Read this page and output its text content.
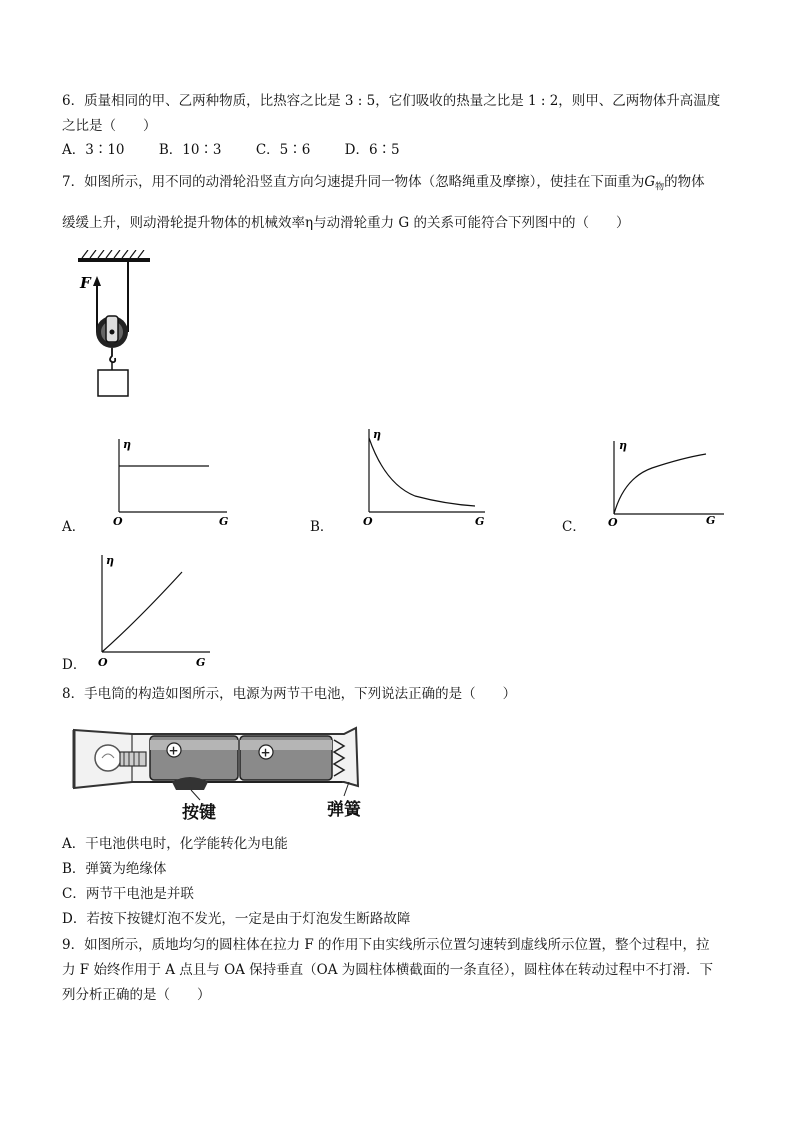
6．质量相同的甲、乙两种物质，比热容之比是 3 : 5，它们吸收的热量之比是 1 : 2，则甲、乙两物体升高温度
之比是（　　）
A．3∶10	B．10∶3	C．5∶6	D．6∶5
7．如图所示，用不同的动滑轮沿竖直方向匀速提升同一物体（忽略绳重及摩擦），使挂在下面重为$G_物$的物体
缓缓上升，则动滑轮提升物体的机械效率η与动滑轮重力 G 的关系可能符合下列图中的（　　）
F
A．
η
O	G	B．
η
O	G	C．
η
O	G
D．
η
O	G
8．手电筒的构造如图所示，电源为两节干电池，下列说法正确的是（　　）
+	+
按键	弹簧
A．干电池供电时，化学能转化为电能
B．弹簧为绝缘体
C．两节干电池是并联
D．若按下按键灯泡不发光，一定是由于灯泡发生断路故障
9．如图所示，质地均匀的圆柱体在拉力 F 的作用下由实线所示位置匀速转到虚线所示位置，整个过程中，拉
力 F 始终作用于 A 点且与 OA 保持垂直（OA 为圆柱体横截面的一条直径），圆柱体在转动过程中不打滑．下
列分析正确的是（　　）
